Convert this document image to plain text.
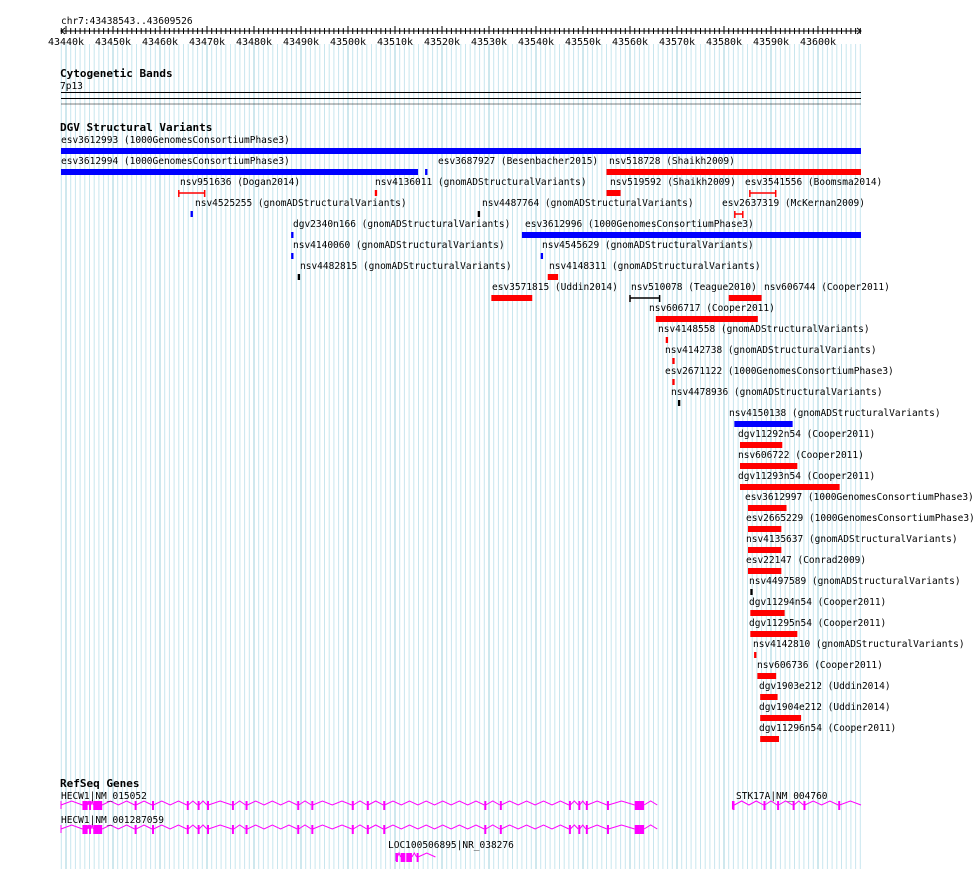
43440k 43450k 43460k 43470k 43480k 43490k 43500k 43510k 43520k 43530k 43540k 43550k 43560k 43570k 43580k 43590k 43600k
chr7:43438543..43609526
Cytogenetic Bands
7p13
DGV Structural Variants
RefSeq Genes
esv3612993 (1000GenomesConsortiumPhase3)
esv3612994 (1000GenomesConsortiumPhase3)	esv3687927 (Besenbacher2015) nsv518728 (Shaikh2009)
nsv951636 (Dogan2014)	nsv4136011 (gnomADStructuralVariants) nsv519592 (Shaikh2009) esv3541556 (Boomsma2014)
nsv4525255 (gnomADStructuralVariants)	nsv4487764 (gnomADStructuralVariants)	esv2637319 (McKernan2009)
dgv2340n166 (gnomADStructuralVariants) esv3612996 (1000GenomesConsortiumPhase3)
nsv4140060 (gnomADStructuralVariants)	nsv4545629 (gnomADStructuralVariants)
nsv4482815 (gnomADStructuralVariants)	nsv4148311 (gnomADStructuralVariants)
esv3571815 (Uddin2014) nsv510078 (Teague2010) nsv606744 (Cooper2011)
nsv606717 (Cooper2011)
nsv4148558 (gnomADStructuralVariants)
nsv4142738 (gnomADStructuralVariants)
esv2671122 (1000GenomesConsortiumPhase3)
nsv4478936 (gnomADStructuralVariants)
nsv4150138 (gnomADStructuralVariants)
dgv11292n54 (Cooper2011)
nsv606722 (Cooper2011)
dgv11293n54 (Cooper2011)
esv3612997 (1000GenomesConsortiumPhase3)
esv2665229 (1000GenomesConsortiumPhase3)
nsv4135637 (gnomADStructuralVariants)
esv22147 (Conrad2009)
nsv4497589 (gnomADStructuralVariants)
dgv11294n54 (Cooper2011)
dgv11295n54 (Cooper2011)
nsv4142810 (gnomADStructuralVariants)
nsv606736 (Cooper2011)
dgv1903e212 (Uddin2014)
dgv1904e212 (Uddin2014)
dgv11296n54 (Cooper2011)
HECW1|NM_015052	STK17A|NM_004760
HECW1|NM_001287059
LOC100506895|NR_038276
